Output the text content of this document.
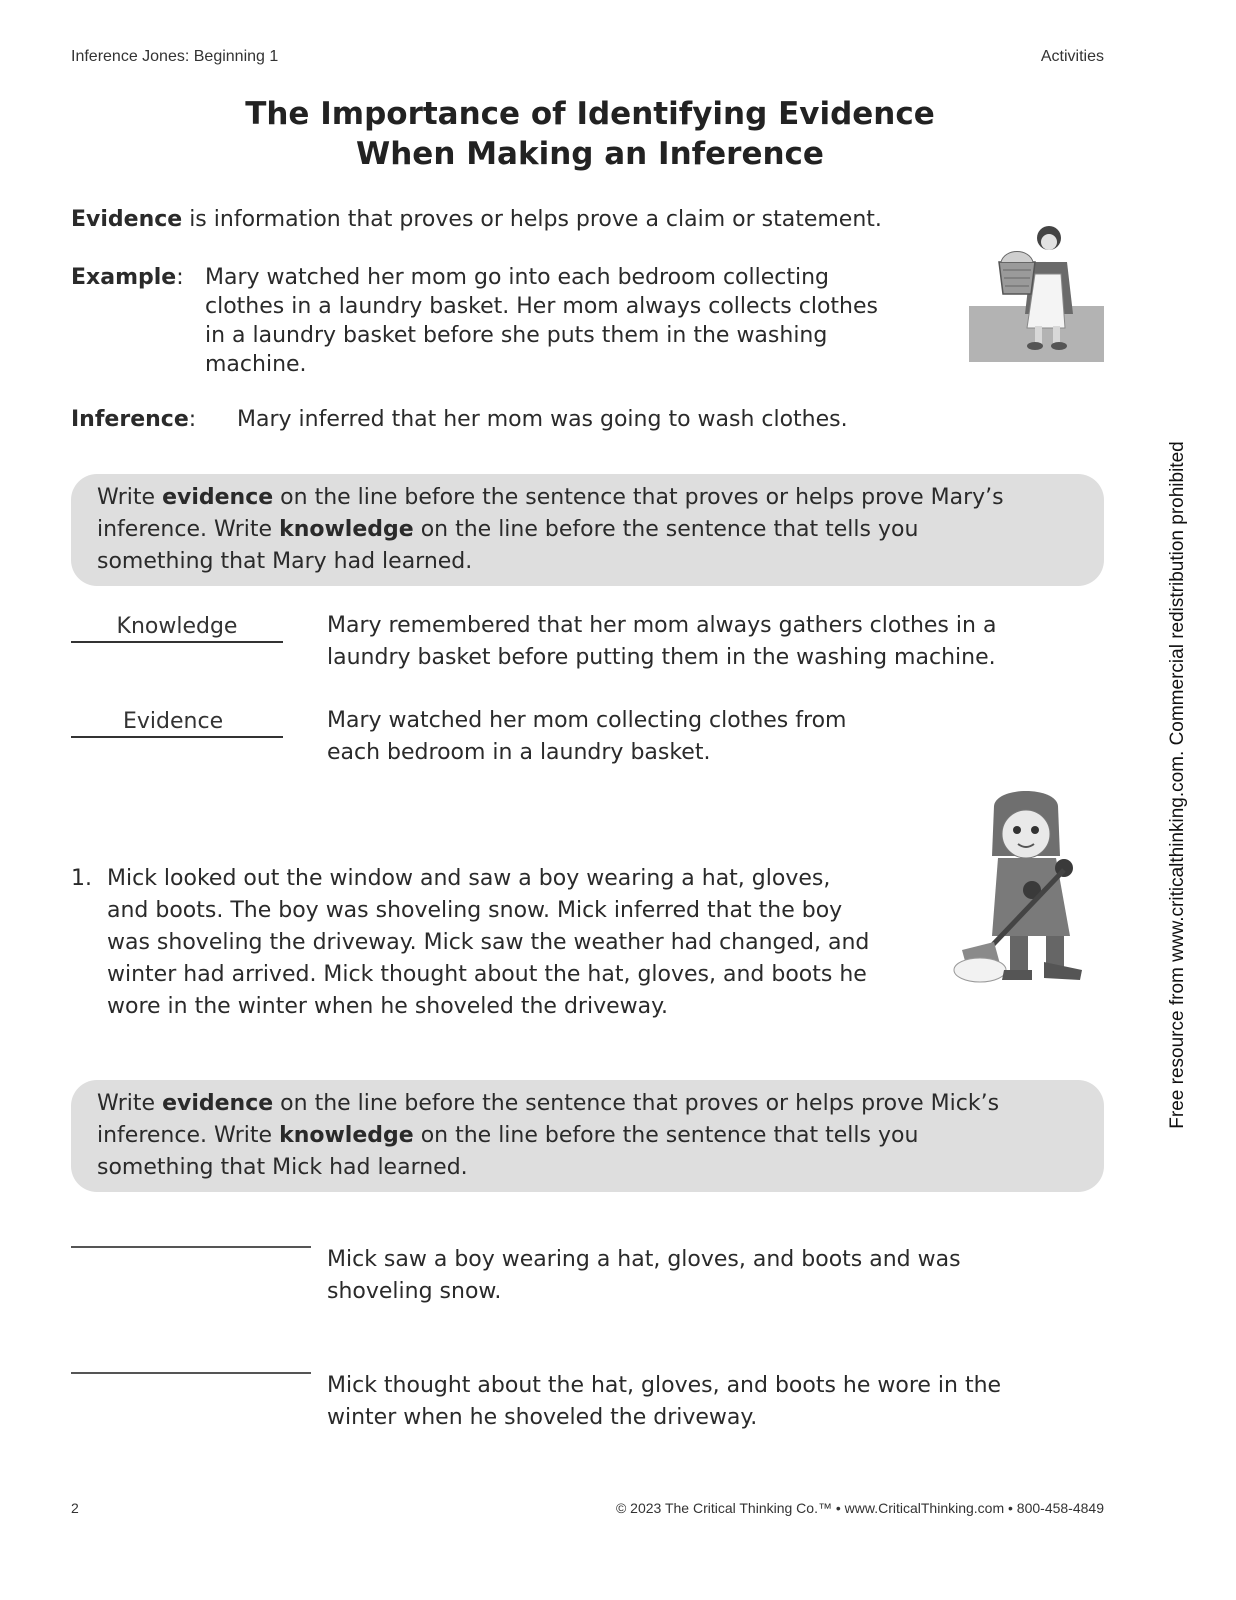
Inference Jones: Beginning 1	Activities
The Importance of Identifying Evidence
When Making an Inference
Evidence is information that proves or helps prove a claim or statement.
Example: Mary watched her mom go into each bedroom collecting
clothes in a laundry basket. Her mom always collects clothes
in a laundry basket before she puts them in the washing
machine.
Inference: Mary inferred that her mom was going to wash clothes.
Write evidence on the line before the sentence that proves or helps prove Mary’s
inference. Write knowledge on the line before the sentence that tells you
something that Mary had learned.
Knowledge	Mary remembered that her mom always gathers clothes in a
laundry basket before putting them in the washing machine.
Evidence	Mary watched her mom collecting clothes from
each bedroom in a laundry basket.
1. Mick looked out the window and saw a boy wearing a hat, gloves,
and boots. The boy was shoveling snow. Mick inferred that the boy
was shoveling the driveway. Mick saw the weather had changed, and
winter had arrived. Mick thought about the hat, gloves, and boots he
wore in the winter when he shoveled the driveway.
Write evidence on the line before the sentence that proves or helps prove Mick’s
inference. Write knowledge on the line before the sentence that tells you
something that Mick had learned.
Mick saw a boy wearing a hat, gloves, and boots and was
shoveling snow.
Mick thought about the hat, gloves, and boots he wore in the
winter when he shoveled the driveway.
2	© 2023 The Critical Thinking Co.™ • www.CriticalThinking.com • 800-458-4849
Free resource from www.criticalthinking.com. Commercial redistribution prohibited
